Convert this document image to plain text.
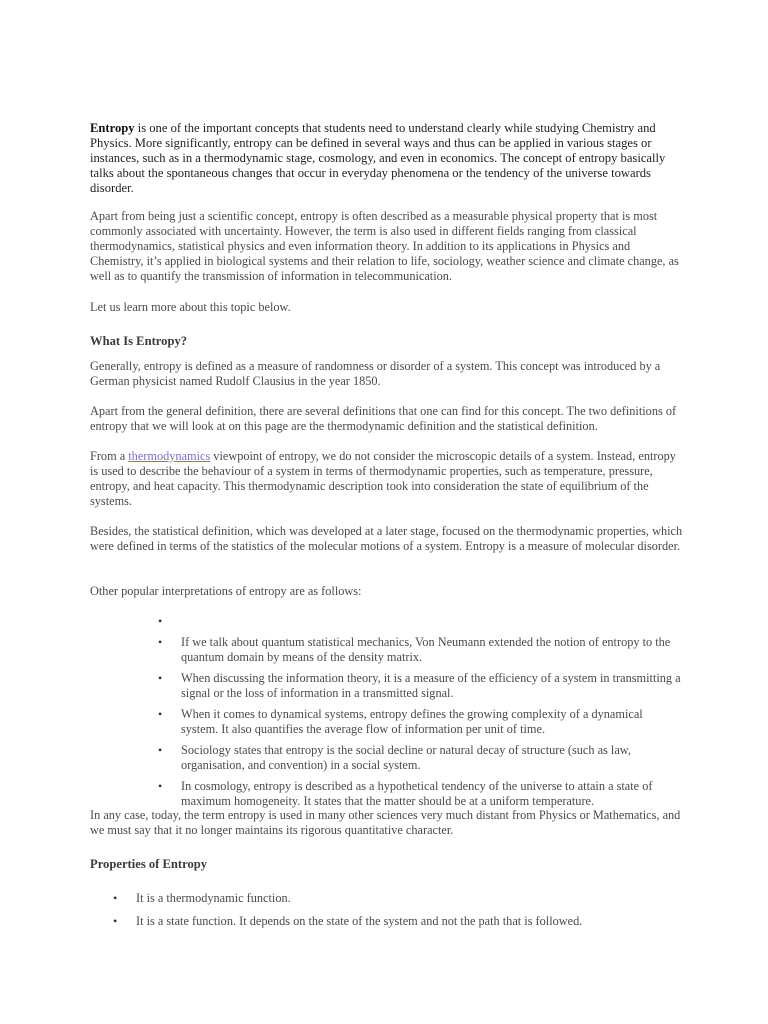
Entropy is one of the important concepts that students need to understand clearly while studying Chemistry and Physics. More significantly, entropy can be defined in several ways and thus can be applied in various stages or instances, such as in a thermodynamic stage, cosmology, and even in economics. The concept of entropy basically talks about the spontaneous changes that occur in everyday phenomena or the tendency of the universe towards disorder.

Apart from being just a scientific concept, entropy is often described as a measurable physical property that is most commonly associated with uncertainty. However, the term is also used in different fields ranging from classical thermodynamics, statistical physics and even information theory. In addition to its applications in Physics and Chemistry, it’s applied in biological systems and their relation to life, sociology, weather science and climate change, as well as to quantify the transmission of information in telecommunication.

Let us learn more about this topic below.

What Is Entropy?

Generally, entropy is defined as a measure of randomness or disorder of a system. This concept was introduced by a German physicist named Rudolf Clausius in the year 1850.

Apart from the general definition, there are several definitions that one can find for this concept. The two definitions of entropy that we will look at on this page are the thermodynamic definition and the statistical definition.

From a thermodynamics viewpoint of entropy, we do not consider the microscopic details of a system. Instead, entropy is used to describe the behaviour of a system in terms of thermodynamic properties, such as temperature, pressure, entropy, and heat capacity. This thermodynamic description took into consideration the state of equilibrium of the systems.

Besides, the statistical definition, which was developed at a later stage, focused on the thermodynamic properties, which were defined in terms of the statistics of the molecular motions of a system. Entropy is a measure of molecular disorder.

Other popular interpretations of entropy are as follows:

•
• If we talk about quantum statistical mechanics, Von Neumann extended the notion of entropy to the quantum domain by means of the density matrix.
• When discussing the information theory, it is a measure of the efficiency of a system in transmitting a signal or the loss of information in a transmitted signal.
• When it comes to dynamical systems, entropy defines the growing complexity of a dynamical system. It also quantifies the average flow of information per unit of time.
• Sociology states that entropy is the social decline or natural decay of structure (such as law, organisation, and convention) in a social system.
• In cosmology, entropy is described as a hypothetical tendency of the universe to attain a state of maximum homogeneity. It states that the matter should be at a uniform temperature.

In any case, today, the term entropy is used in many other sciences very much distant from Physics or Mathematics, and we must say that it no longer maintains its rigorous quantitative character.

Properties of Entropy

• It is a thermodynamic function.
• It is a state function. It depends on the state of the system and not the path that is followed.
